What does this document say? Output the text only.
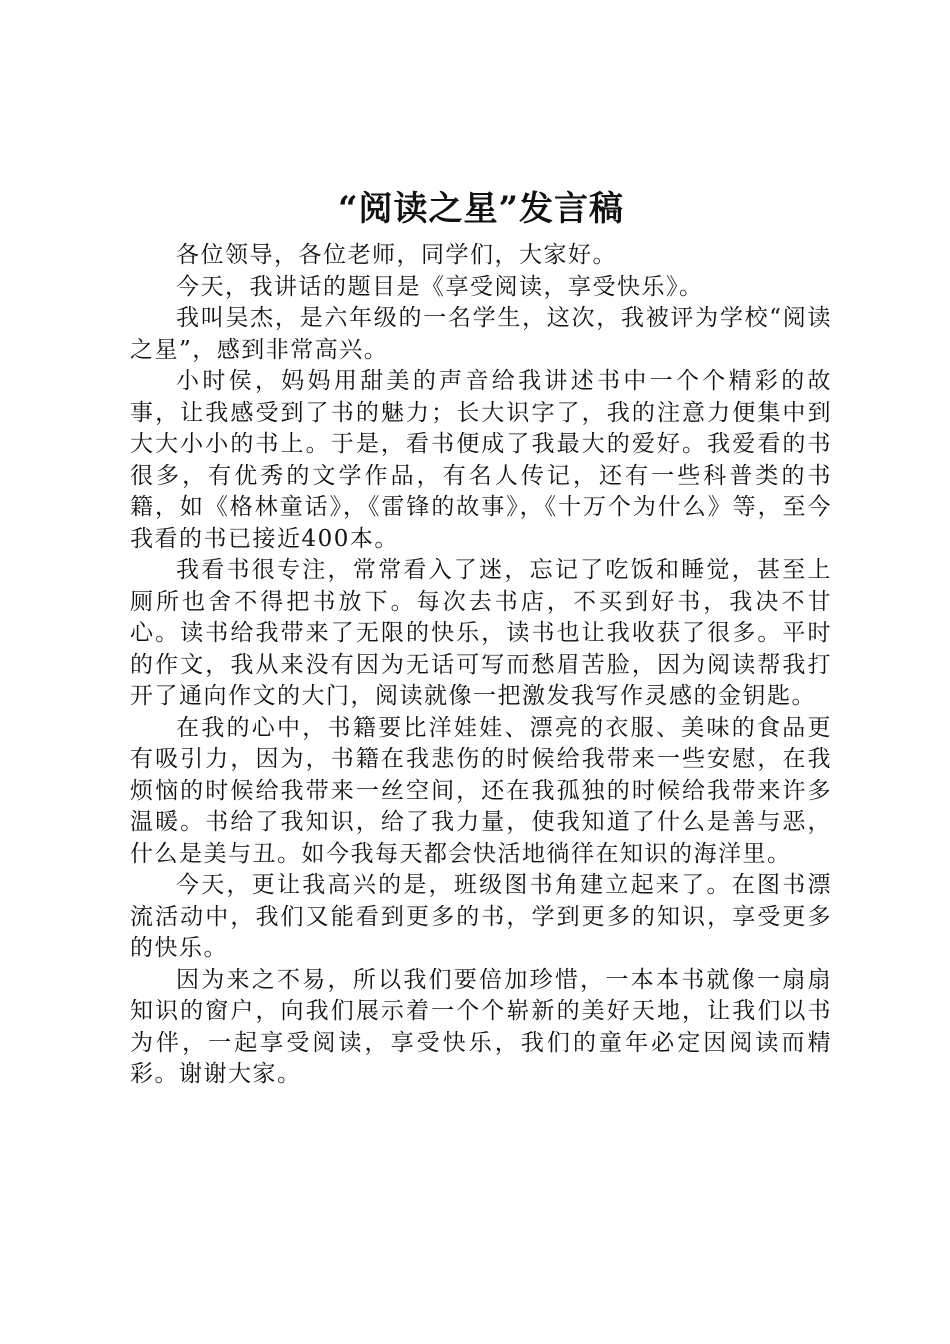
“阅读之星”发言稿

各位领导，各位老师，同学们，大家好。

今天，我讲话的题目是《享受阅读，享受快乐》。

我叫吴杰，是六年级的一名学生，这次，我被评为学校“阅读之星”，感到非常高兴。

小时侯，妈妈用甜美的声音给我讲述书中一个个精彩的故事，让我感受到了书的魅力；长大识字了，我的注意力便集中到大大小小的书上。于是，看书便成了我最大的爱好。我爱看的书很多，有优秀的文学作品，有名人传记，还有一些科普类的书籍，如《格林童话》，《雷锋的故事》，《十万个为什么》等，至今我看的书已接近400本。

我看书很专注，常常看入了迷，忘记了吃饭和睡觉，甚至上厕所也舍不得把书放下。每次去书店，不买到好书，我决不甘心。读书给我带来了无限的快乐，读书也让我收获了很多。平时的作文，我从来没有因为无话可写而愁眉苦脸，因为阅读帮我打开了通向作文的大门，阅读就像一把激发我写作灵感的金钥匙。

在我的心中，书籍要比洋娃娃、漂亮的衣服、美味的食品更有吸引力，因为，书籍在我悲伤的时候给我带来一些安慰，在我烦恼的时候给我带来一丝空间，还在我孤独的时候给我带来许多温暖。书给了我知识，给了我力量，使我知道了什么是善与恶，什么是美与丑。如今我每天都会快活地徜徉在知识的海洋里。

今天，更让我高兴的是，班级图书角建立起来了。在图书漂流活动中，我们又能看到更多的书，学到更多的知识，享受更多的快乐。

因为来之不易，所以我们要倍加珍惜，一本本书就像一扇扇知识的窗户，向我们展示着一个个崭新的美好天地，让我们以书为伴，一起享受阅读，享受快乐，我们的童年必定因阅读而精彩。谢谢大家。
